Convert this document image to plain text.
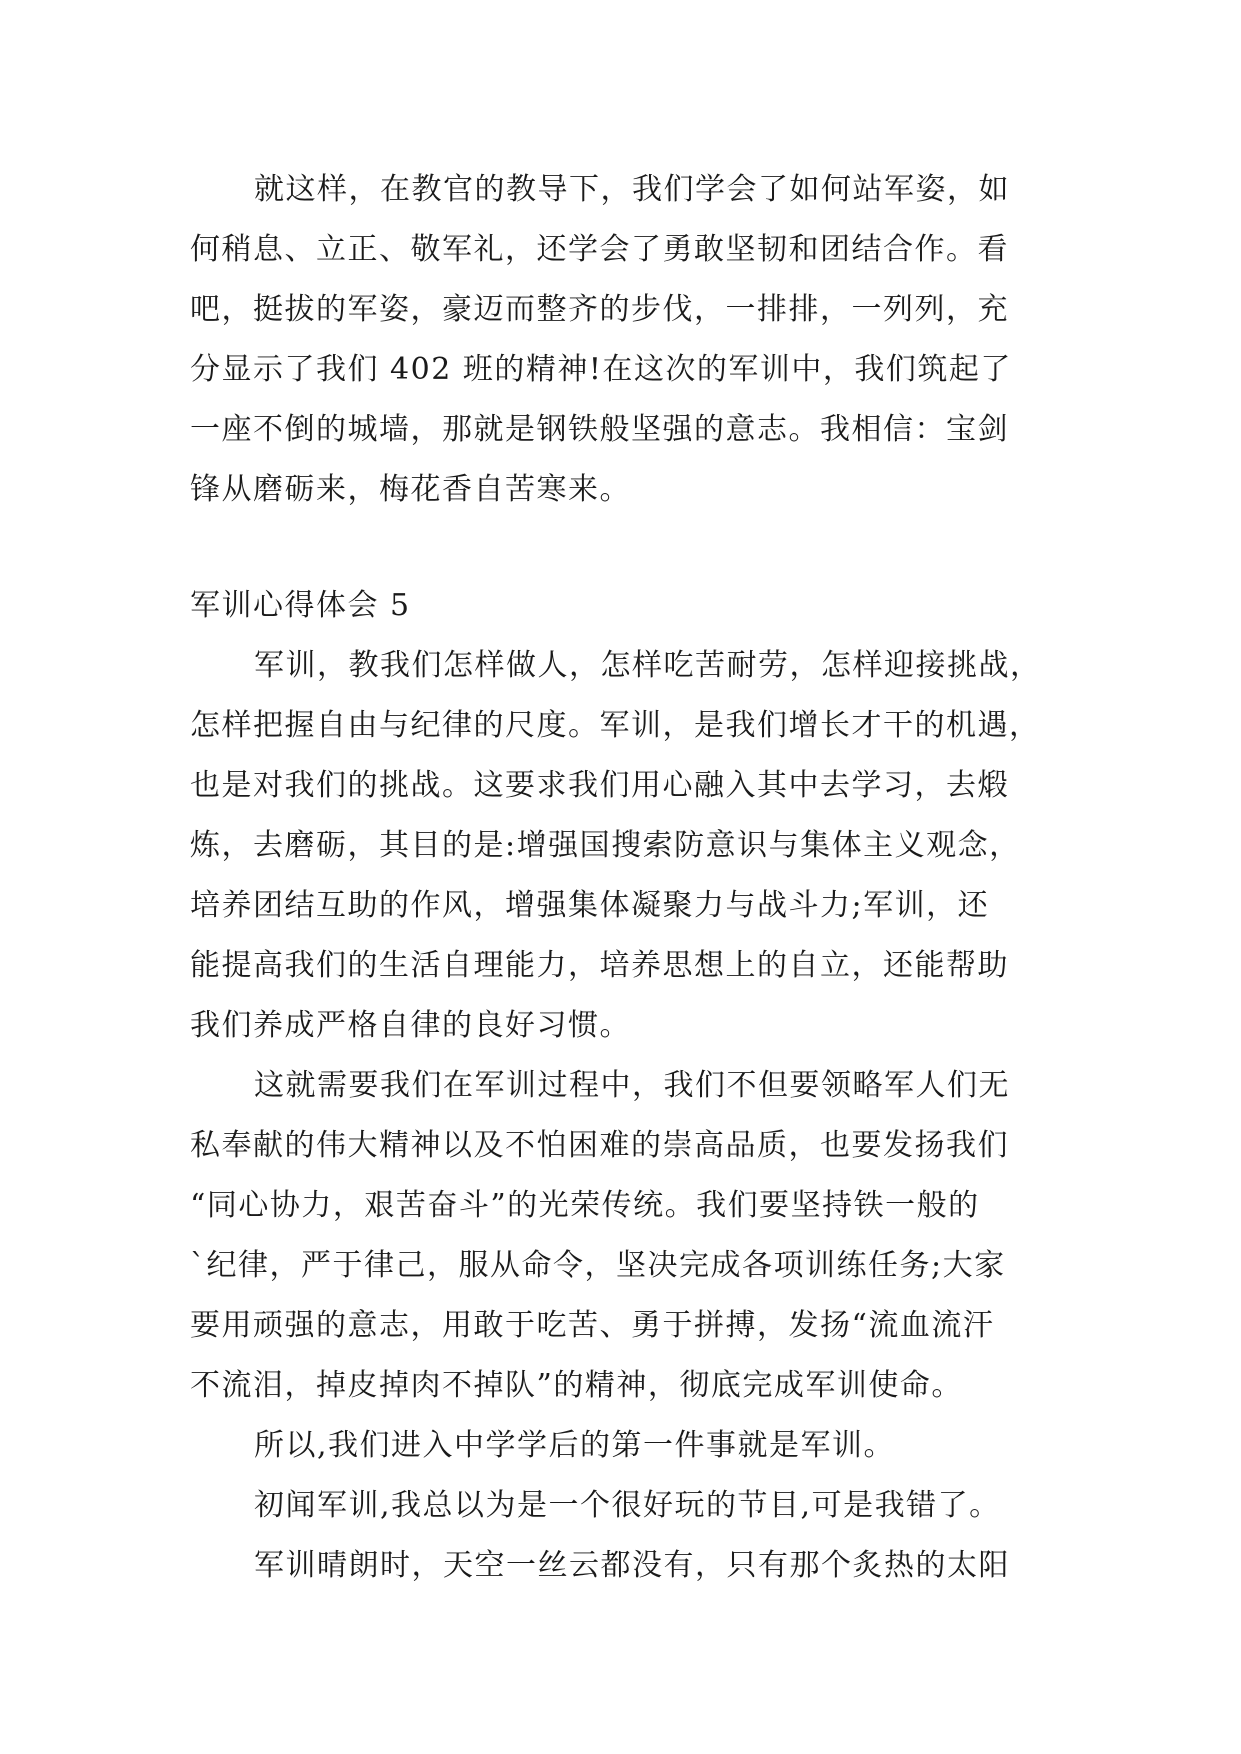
就这样，在教官的教导下，我们学会了如何站军姿，如
何稍息、立正、敬军礼，还学会了勇敢坚韧和团结合作。看
吧，挺拔的军姿，豪迈而整齐的步伐，一排排，一列列，充
分显示了我们 402 班的精神!在这次的军训中，我们筑起了
一座不倒的城墙，那就是钢铁般坚强的意志。我相信：宝剑
锋从磨砺来，梅花香自苦寒来。
军训心得体会 5
军训，教我们怎样做人，怎样吃苦耐劳，怎样迎接挑战，
怎样把握自由与纪律的尺度。军训，是我们增长才干的机遇，
也是对我们的挑战。这要求我们用心融入其中去学习，去煅
炼，去磨砺，其目的是:增强国搜索防意识与集体主义观念，
培养团结互助的作风，增强集体凝聚力与战斗力;军训，还
能提高我们的生活自理能力，培养思想上的自立，还能帮助
我们养成严格自律的良好习惯。
这就需要我们在军训过程中，我们不但要领略军人们无
私奉献的伟大精神以及不怕困难的崇高品质，也要发扬我们
“同心协力，艰苦奋斗”的光荣传统。我们要坚持铁一般的
`纪律，严于律己，服从命令，坚决完成各项训练任务;大家
要用顽强的意志，用敢于吃苦、勇于拼搏，发扬“流血流汗
不流泪，掉皮掉肉不掉队”的精神，彻底完成军训使命。
所以,我们进入中学学后的第一件事就是军训。
初闻军训,我总以为是一个很好玩的节目,可是我错了。
军训晴朗时，天空一丝云都没有，只有那个炙热的太阳
